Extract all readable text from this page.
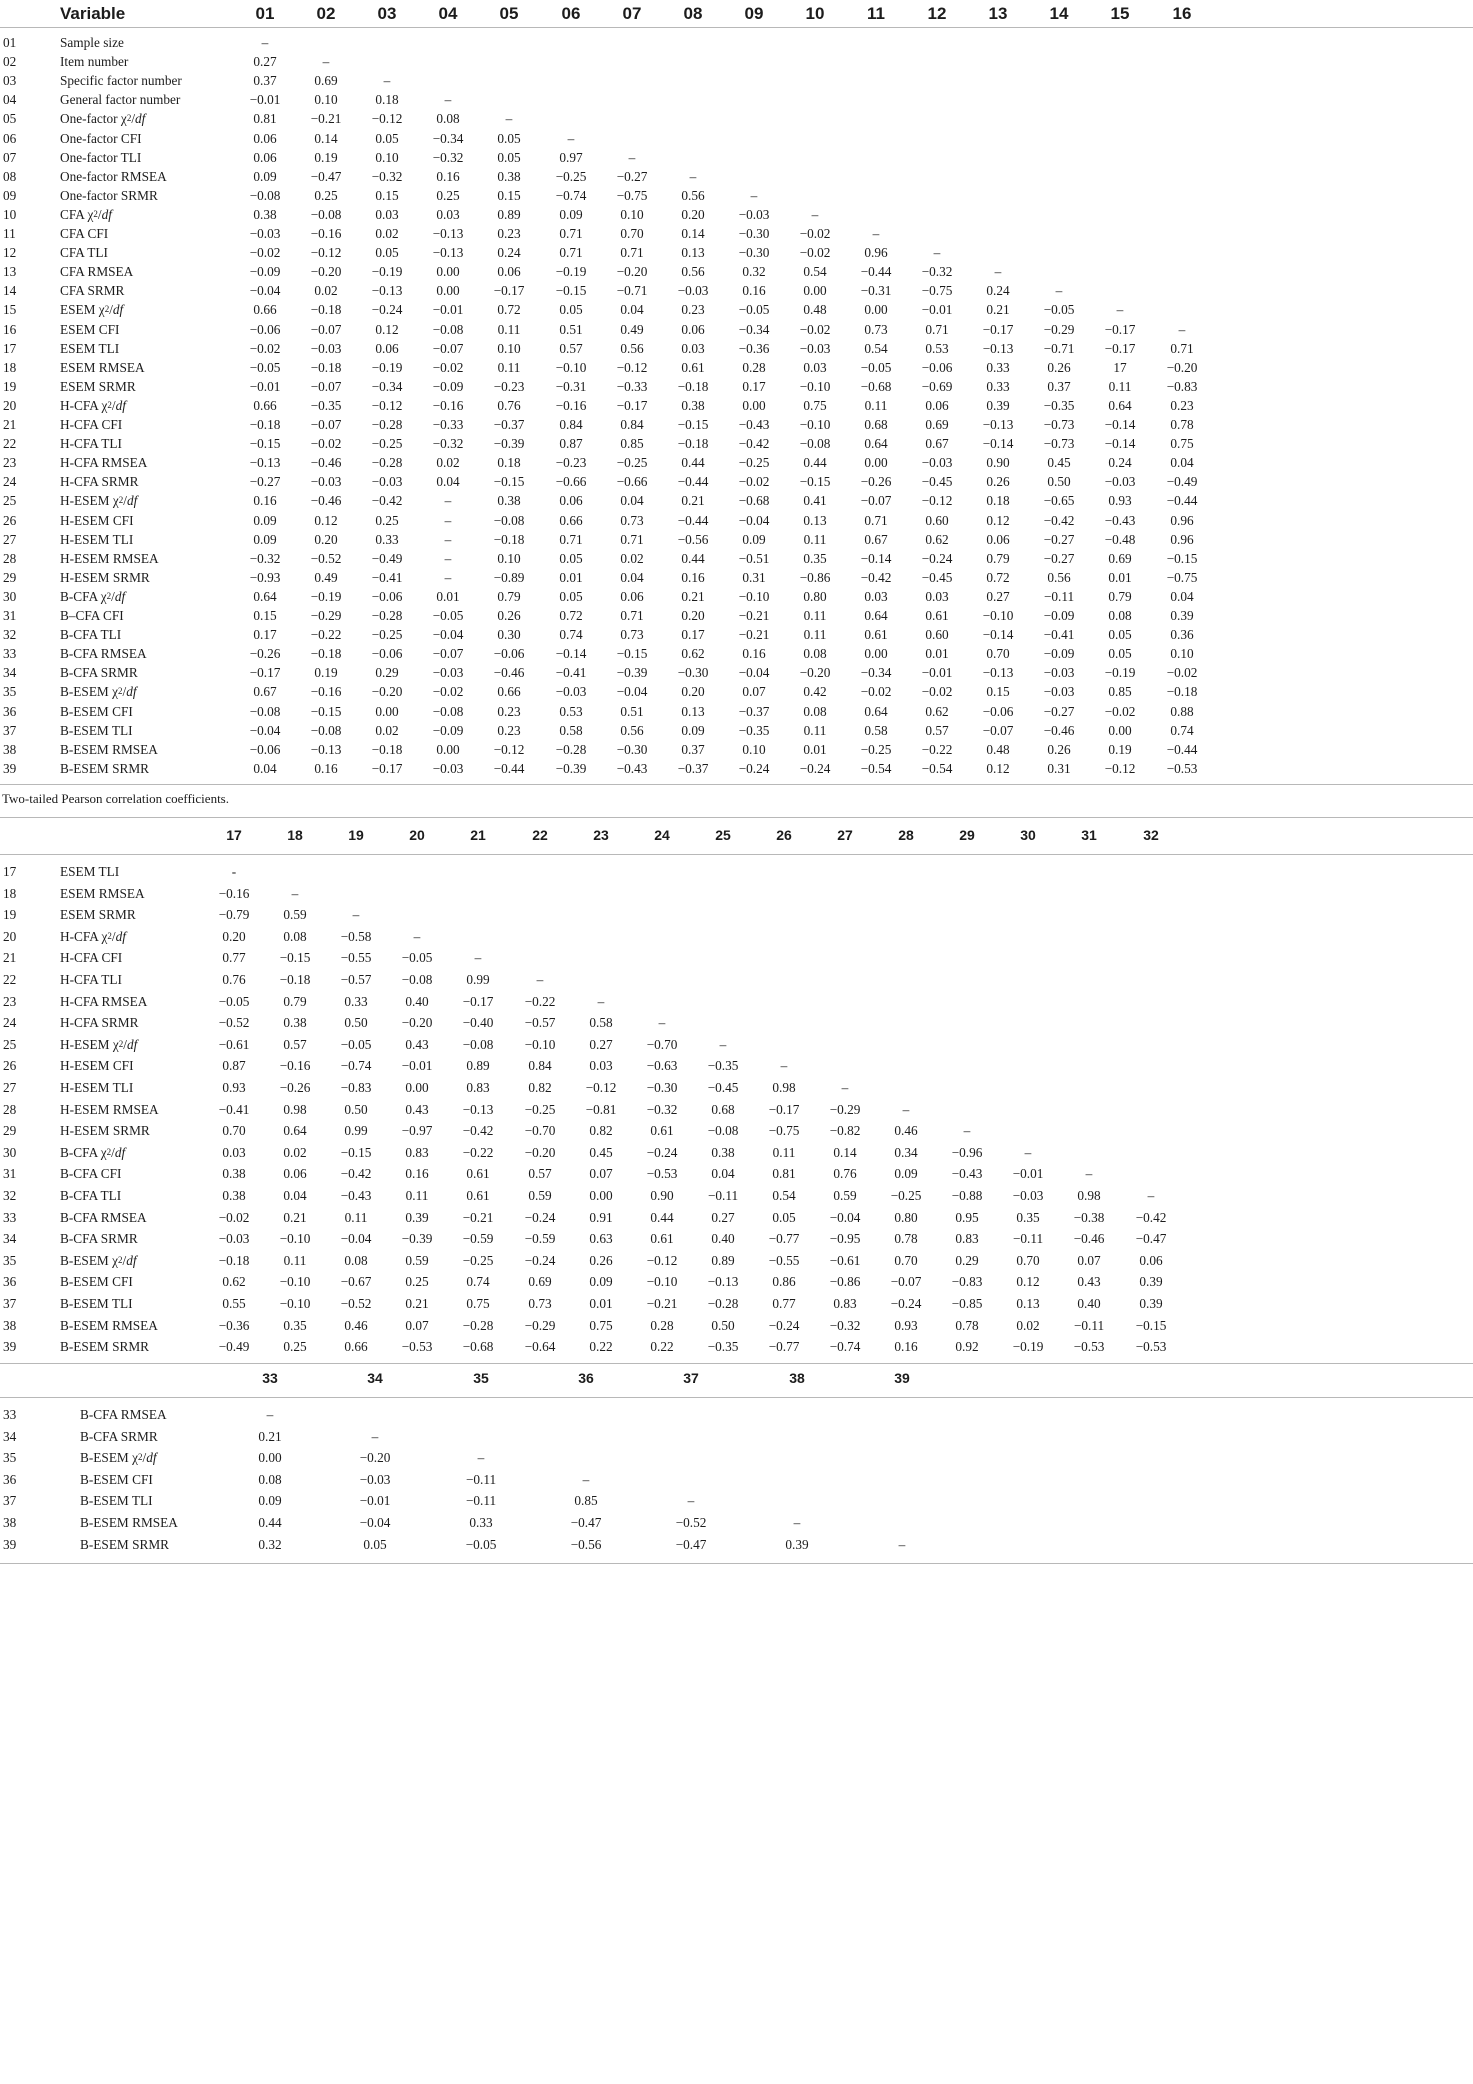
Variable	01 02 03 04 05	06 07 08 09 10	11	12 13 14 15	16
01	Sample size	–
02	Item number	0.27	–
03	Specific factor number	0.37	0.69	–
04	General factor number	−0.01	0.10	0.18	–
05	One-factor $\chi^2/df$	0.81	−0.21 −0.12	0.08	–
06	One-factor CFI	0.06	0.14	0.05	−0.34	0.05	–
07	One-factor TLI	0.06	0.19	0.10	−0.32	0.05	0.97	–
08	One-factor RMSEA	0.09	−0.47 −0.32	0.16	0.38	−0.25 −0.27	–
09	One-factor SRMR	−0.08	0.25	0.15	0.25	0.15	−0.74 −0.75	0.56	–
10	CFA $\chi^2/df$	0.38	−0.08	0.03	0.03	0.89	0.09	0.10	0.20	−0.03	–
11	CFA CFI	−0.03 −0.16	0.02	−0.13	0.23	0.71	0.70	0.14	−0.30 −0.02	–
12	CFA TLI	−0.02 −0.12	0.05	−0.13	0.24	0.71	0.71	0.13	−0.30 −0.02	0.96	–
13	CFA RMSEA	−0.09 −0.20 −0.19	0.00	0.06	−0.19 −0.20	0.56	0.32	0.54	−0.44 −0.32	–
14	CFA SRMR	−0.04	0.02	−0.13	0.00	−0.17 −0.15 −0.71 −0.03	0.16	0.00	−0.31 −0.75	0.24	–
15	ESEM $\chi^2/df$	0.66	−0.18 −0.24 −0.01	0.72	0.05	0.04	0.23	−0.05	0.48	0.00	−0.01	0.21	−0.05	–
16	ESEM CFI	−0.06 −0.07	0.12	−0.08	0.11	0.51	0.49	0.06	−0.34 −0.02	0.73	0.71	−0.17 −0.29 −0.17	–
17	ESEM TLI	−0.02 −0.03	0.06	−0.07	0.10	0.57	0.56	0.03	−0.36 −0.03	0.54	0.53	−0.13 −0.71 −0.17	0.71
18	ESEM RMSEA	−0.05 −0.18 −0.19 −0.02	0.11	−0.10 −0.12	0.61	0.28	0.03	−0.05 −0.06	0.33	0.26	17	−0.20
19	ESEM SRMR	−0.01 −0.07 −0.34 −0.09 −0.23 −0.31 −0.33 −0.18	0.17	−0.10 −0.68 −0.69	0.33	0.37	0.11	−0.83
20	H-CFA $\chi^2/df$	0.66	−0.35 −0.12 −0.16	0.76	−0.16 −0.17	0.38	0.00	0.75	0.11	0.06	0.39	−0.35	0.64	0.23
21	H-CFA CFI	−0.18 −0.07 −0.28 −0.33 −0.37	0.84	0.84	−0.15 −0.43 −0.10	0.68	0.69	−0.13 −0.73 −0.14	0.78
22	H-CFA TLI	−0.15 −0.02 −0.25 −0.32 −0.39	0.87	0.85	−0.18 −0.42 −0.08	0.64	0.67	−0.14 −0.73 −0.14	0.75
23	H-CFA RMSEA	−0.13 −0.46 −0.28	0.02	0.18	−0.23 −0.25	0.44	−0.25	0.44	0.00	−0.03	0.90	0.45	0.24	0.04
24	H-CFA SRMR	−0.27 −0.03 −0.03	0.04	−0.15 −0.66 −0.66 −0.44 −0.02 −0.15 −0.26 −0.45	0.26	0.50	−0.03 −0.49
25	H-ESEM $\chi^2/df$	0.16	−0.46 −0.42	–	0.38	0.06	0.04	0.21	−0.68	0.41	−0.07 −0.12	0.18	−0.65	0.93	−0.44
26	H-ESEM CFI	0.09	0.12	0.25	–	−0.08	0.66	0.73	−0.44 −0.04	0.13	0.71	0.60	0.12	−0.42 −0.43	0.96
27	H-ESEM TLI	0.09	0.20	0.33	–	−0.18	0.71	0.71	−0.56	0.09	0.11	0.67	0.62	0.06	−0.27 −0.48	0.96
28	H-ESEM RMSEA	−0.32 −0.52 −0.49	–	0.10	0.05	0.02	0.44	−0.51	0.35	−0.14 −0.24	0.79	−0.27	0.69	−0.15
29	H-ESEM SRMR	−0.93	0.49	−0.41	–	−0.89	0.01	0.04	0.16	0.31	−0.86 −0.42 −0.45	0.72	0.56	0.01	−0.75
30	B-CFA $\chi^2/df$	0.64	−0.19 −0.06	0.01	0.79	0.05	0.06	0.21	−0.10	0.80	0.03	0.03	0.27	−0.11	0.79	0.04
31	B–CFA CFI	0.15	−0.29 −0.28 −0.05	0.26	0.72	0.71	0.20	−0.21	0.11	0.64	0.61	−0.10 −0.09	0.08	0.39
32	B-CFA TLI	0.17	−0.22 −0.25 −0.04	0.30	0.74	0.73	0.17	−0.21	0.11	0.61	0.60	−0.14 −0.41	0.05	0.36
33	B-CFA RMSEA	−0.26 −0.18 −0.06 −0.07 −0.06 −0.14 −0.15	0.62	0.16	0.08	0.00	0.01	0.70	−0.09	0.05	0.10
34	B-CFA SRMR	−0.17	0.19	0.29	−0.03 −0.46 −0.41 −0.39 −0.30 −0.04 −0.20 −0.34 −0.01 −0.13 −0.03 −0.19 −0.02
35	B-ESEM $\chi^2/df$	0.67	−0.16 −0.20 −0.02	0.66	−0.03 −0.04	0.20	0.07	0.42	−0.02 −0.02	0.15	−0.03	0.85	−0.18
36	B-ESEM CFI	−0.08 −0.15	0.00	−0.08	0.23	0.53	0.51	0.13	−0.37	0.08	0.64	0.62	−0.06 −0.27 −0.02	0.88
37	B-ESEM TLI	−0.04 −0.08	0.02	−0.09	0.23	0.58	0.56	0.09	−0.35	0.11	0.58	0.57	−0.07 −0.46	0.00	0.74
38	B-ESEM RMSEA	−0.06 −0.13 −0.18	0.00	−0.12 −0.28 −0.30	0.37	0.10	0.01	−0.25 −0.22	0.48	0.26	0.19	−0.44
39	B-ESEM SRMR	0.04	0.16	−0.17 −0.03 −0.44 −0.39 −0.43 −0.37 −0.24 −0.24 −0.54 −0.54	0.12	0.31	−0.12 −0.53
Two-tailed Pearson correlation coefficients.
17	18	19	20	21	22	23	24	25	26	27	28	29	30	31	32
17	ESEM TLI	-
18	ESEM RMSEA	−0.16	–
19	ESEM SRMR	−0.79	0.59	–
20	H-CFA $\chi^2/df$	0.20	0.08	−0.58	–
21	H-CFA CFI	0.77	−0.15 −0.55 −0.05	–
22	H-CFA TLI	0.76	−0.18 −0.57 −0.08	0.99	–
23	H-CFA RMSEA	−0.05	0.79	0.33	0.40	−0.17 −0.22	–
24	H-CFA SRMR	−0.52	0.38	0.50	−0.20 −0.40 −0.57	0.58	–
25	H-ESEM $\chi^2/df$	−0.61	0.57	−0.05	0.43	−0.08 −0.10	0.27	−0.70	–
26	H-ESEM CFI	0.87	−0.16 −0.74 −0.01	0.89	0.84	0.03	−0.63 −0.35	–
27	H-ESEM TLI	0.93	−0.26 −0.83	0.00	0.83	0.82	−0.12 −0.30 −0.45	0.98	–
28	H-ESEM RMSEA	−0.41	0.98	0.50	0.43	−0.13 −0.25 −0.81 −0.32	0.68	−0.17 −0.29	–
29	H-ESEM SRMR	0.70	0.64	0.99	−0.97 −0.42 −0.70	0.82	0.61	−0.08 −0.75 −0.82	0.46	–
30	B-CFA $\chi^2/df$	0.03	0.02	−0.15	0.83	−0.22 −0.20	0.45	−0.24	0.38	0.11	0.14	0.34	−0.96	–
31	B-CFA CFI	0.38	0.06	−0.42	0.16	0.61	0.57	0.07	−0.53	0.04	0.81	0.76	0.09	−0.43 −0.01	–
32	B-CFA TLI	0.38	0.04	−0.43	0.11	0.61	0.59	0.00	0.90	−0.11	0.54	0.59	−0.25 −0.88 −0.03	0.98	–
33	B-CFA RMSEA	−0.02	0.21	0.11	0.39	−0.21 −0.24	0.91	0.44	0.27	0.05	−0.04	0.80	0.95	0.35	−0.38 −0.42
34	B-CFA SRMR	−0.03 −0.10 −0.04 −0.39 −0.59 −0.59	0.63	0.61	0.40	−0.77 −0.95	0.78	0.83	−0.11 −0.46 −0.47
35	B-ESEM $\chi^2/df$	−0.18	0.11	0.08	0.59	−0.25 −0.24	0.26	−0.12	0.89	−0.55 −0.61	0.70	0.29	0.70	0.07	0.06
36	B-ESEM CFI	0.62	−0.10 −0.67	0.25	0.74	0.69	0.09	−0.10 −0.13	0.86	−0.86 −0.07 −0.83	0.12	0.43	0.39
37	B-ESEM TLI	0.55	−0.10 −0.52	0.21	0.75	0.73	0.01	−0.21 −0.28	0.77	0.83	−0.24 −0.85	0.13	0.40	0.39
38	B-ESEM RMSEA	−0.36	0.35	0.46	0.07	−0.28 −0.29	0.75	0.28	0.50	−0.24 −0.32	0.93	0.78	0.02	−0.11 −0.15
39	B-ESEM SRMR	−0.49	0.25	0.66	−0.53 −0.68 −0.64	0.22	0.22	−0.35 −0.77 −0.74	0.16	0.92	−0.19 −0.53 −0.53
33	34	35	36	37	38	39
33	B-CFA RMSEA	–
34	B-CFA SRMR	0.21	–
35	B-ESEM $\chi^2/df$	0.00	−0.20	–
36	B-ESEM CFI	0.08	−0.03	−0.11	–
37	B-ESEM TLI	0.09	−0.01	−0.11	0.85	–
38	B-ESEM RMSEA	0.44	−0.04	0.33	−0.47	−0.52	–
39	B-ESEM SRMR	0.32	0.05	−0.05	−0.56	−0.47	0.39	–
